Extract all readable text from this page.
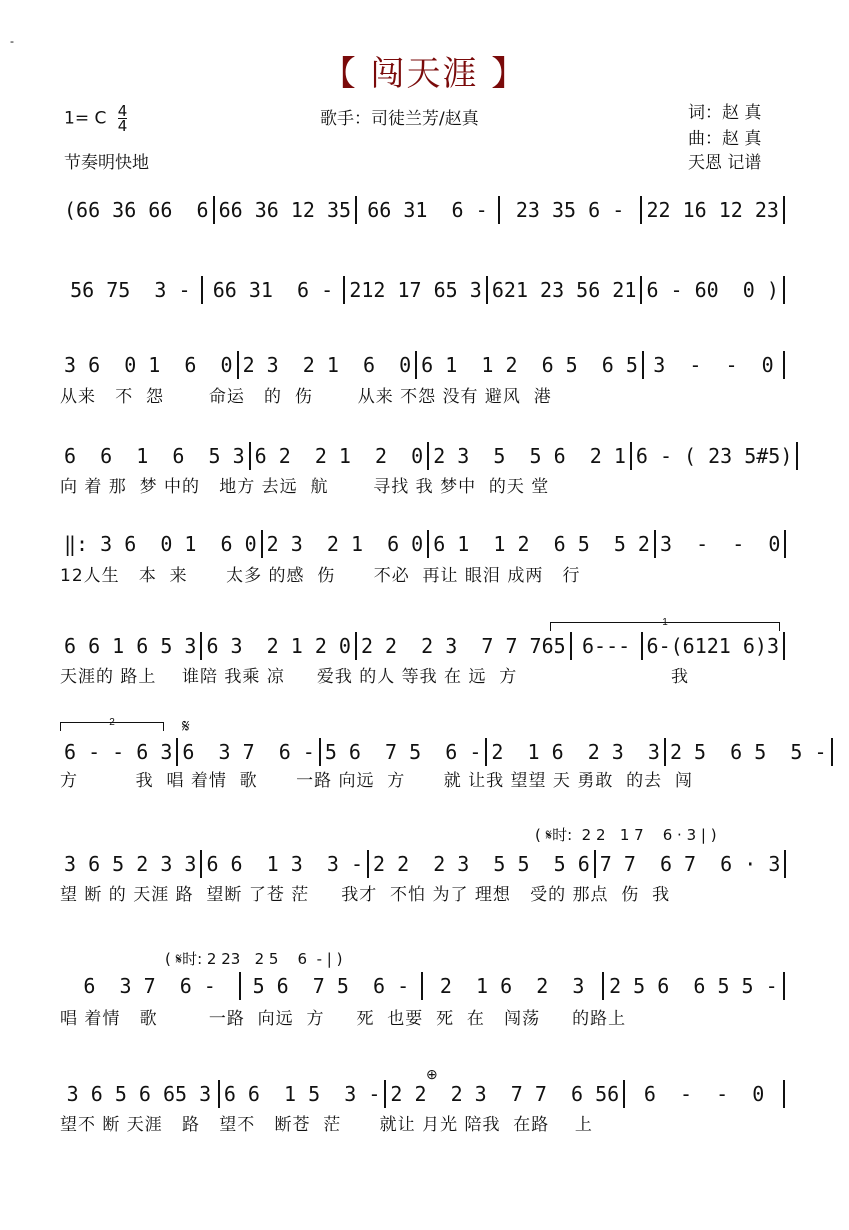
-
【 闯天涯 】
1= C $\frac{4}{4}$
节奏明快地
歌手：司徒兰芳/赵真	词：赵 真
曲：赵 真
天恩 记谱
(66 36 66  6 66 36 12 35 66 31  6 -	23 35 6 -	22 16 12 23
56 75  3 -	66 31  6 - 212 17 65 3 621 23 56 21 6 - 60  0 )
3 6  0 1  6  0 2 3  2 1  6  0 6 1  1 2  6 5  6 5 3  -  -  0
从来   不  怨       命运   的  伤       从来 不怨 没有 避风  港
6  6  1  6  5 3 6 2  2 1  2  0 2 3  5  5 6  2 1 6 - ( 23 5#5)
向 着 那  梦 中的   地方 去远  航       寻找 我 梦中  的天 堂
‖: 3 6  0 1  6 0 2 3  2 1  6 0 6 1  1 2  6 5  5 2 3  -  -  0
12人生   本  来      太多 的感  伤      不必  再让 眼泪 成两   行
6 6 1 6 5 3 6 3  2 1 2 0 2 2  2 3  7 7 765 6--- 6-(6121 6)3
天涯的 路上    谁陪 我乘 凉     爱我 的人 等我 在 远  方                        我
6 - - 6 3 6  3 7  6 - 5 6  7 5  6 - 2  1 6  2 3  3 2 5  6 5  5 -
方         我  唱 着情  歌      一路 向远  方      就 让我 望望 天 勇敢  的去  闯
3 6 5 2 3 3 6 6  1 3  3 - 2 2  2 3  5 5  5 6 7 7  6 7  6 · 3
望 断 的 天涯 路  望断 了苍 茫     我才  不怕 为了 理想   受的 那点  伤  我
6  3 7  6 -	5 6  7 5  6 -	2  1 6  2  3	2 5 6  6 5 5 -
唱 着情   歌        一路  向远  方     死  也要  死  在   闯荡     的路上
3 6 5 6 65 3 6 6  1 5  3 - 2 2  2 3  7 7  6 56	6  -  -  0
望不 断 天涯   路   望不   断苍  茫      就让 月光 陪我  在路    上
( 𝄋时:  2 2   1 7    6 · 3 | )
( 𝄋时: 2 23   2 5    6  - | )
1
2	𝄋
⊕
